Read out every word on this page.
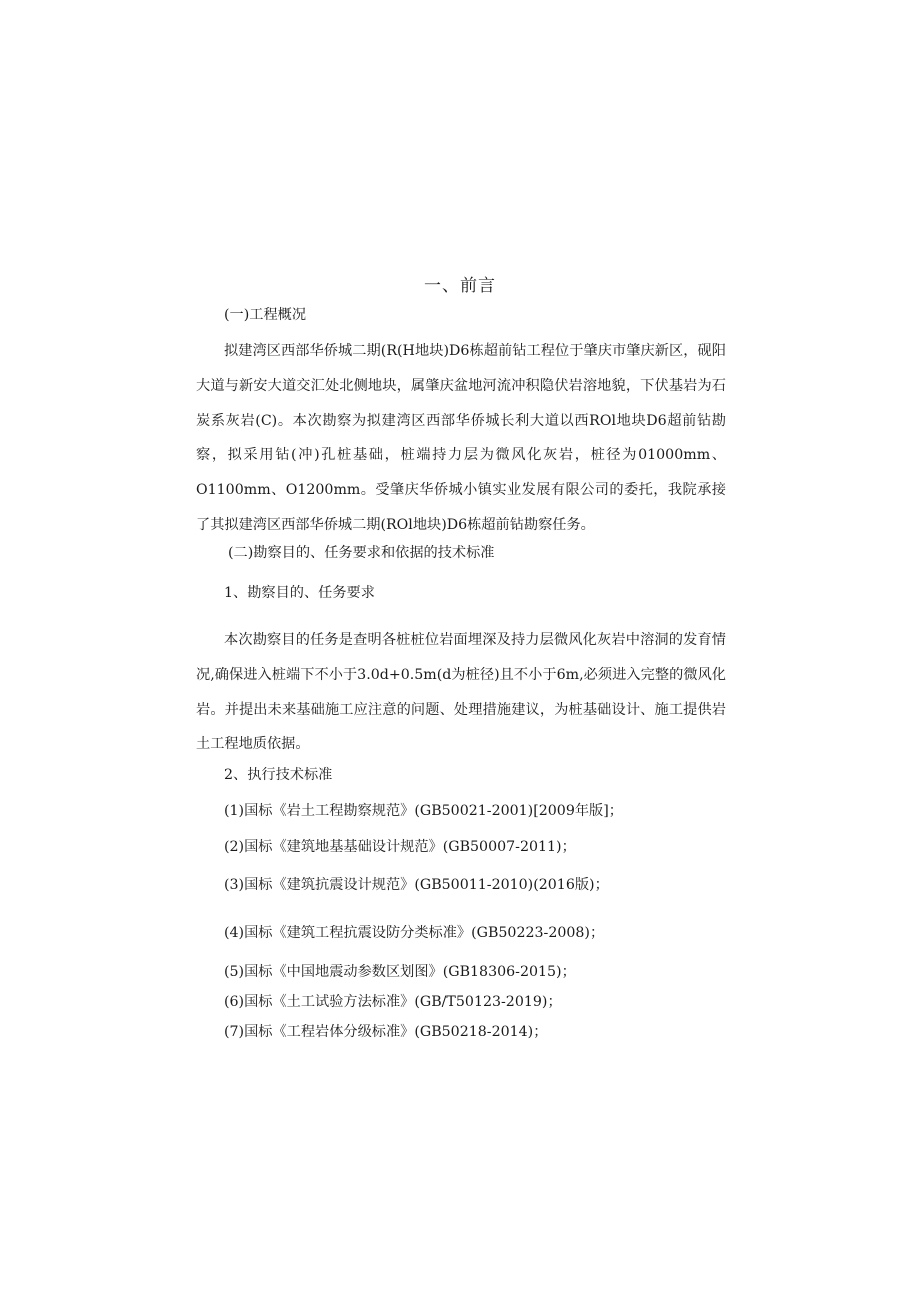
一、前言
(一)工程概况
拟建湾区西部华侨城二期(R(H地块)D6栋超前钻工程位于肇庆市肇庆新区，砚阳大道与新安大道交汇处北侧地块，属肇庆盆地河流冲积隐伏岩溶地貌，下伏基岩为石炭系灰岩(C)。本次勘察为拟建湾区西部华侨城长利大道以西ROl地块D6超前钻勘察，拟采用钻(冲)孔桩基础，桩端持力层为微风化灰岩，桩径为01000mm、O1100mm、O1200mm。受肇庆华侨城小镇实业发展有限公司的委托，我院承接了其拟建湾区西部华侨城二期(ROl地块)D6栋超前钻勘察任务。
(二)勘察目的、任务要求和依据的技术标准
1、勘察目的、任务要求
本次勘察目的任务是查明各桩桩位岩面埋深及持力层微风化灰岩中溶洞的发育情况,确保进入桩端下不小于3.0d+0.5m(d为桩径)且不小于6m,必须进入完整的微风化岩。并提出未来基础施工应注意的问题、处理措施建议，为桩基础设计、施工提供岩土工程地质依据。
2、执行技术标准
(1)国标《岩土工程勘察规范》(GB50021-2001)[2009年版]；
(2)国标《建筑地基基础设计规范》(GB50007-2011)；
(3)国标《建筑抗震设计规范》(GB50011-2010)(2016版)；
(4)国标《建筑工程抗震设防分类标准》(GB50223-2008)；
(5)国标《中国地震动参数区划图》(GB18306-2015)；
(6)国标《土工试验方法标准》(GB/T50123-2019)；
(7)国标《工程岩体分级标准》(GB50218-2014)；
